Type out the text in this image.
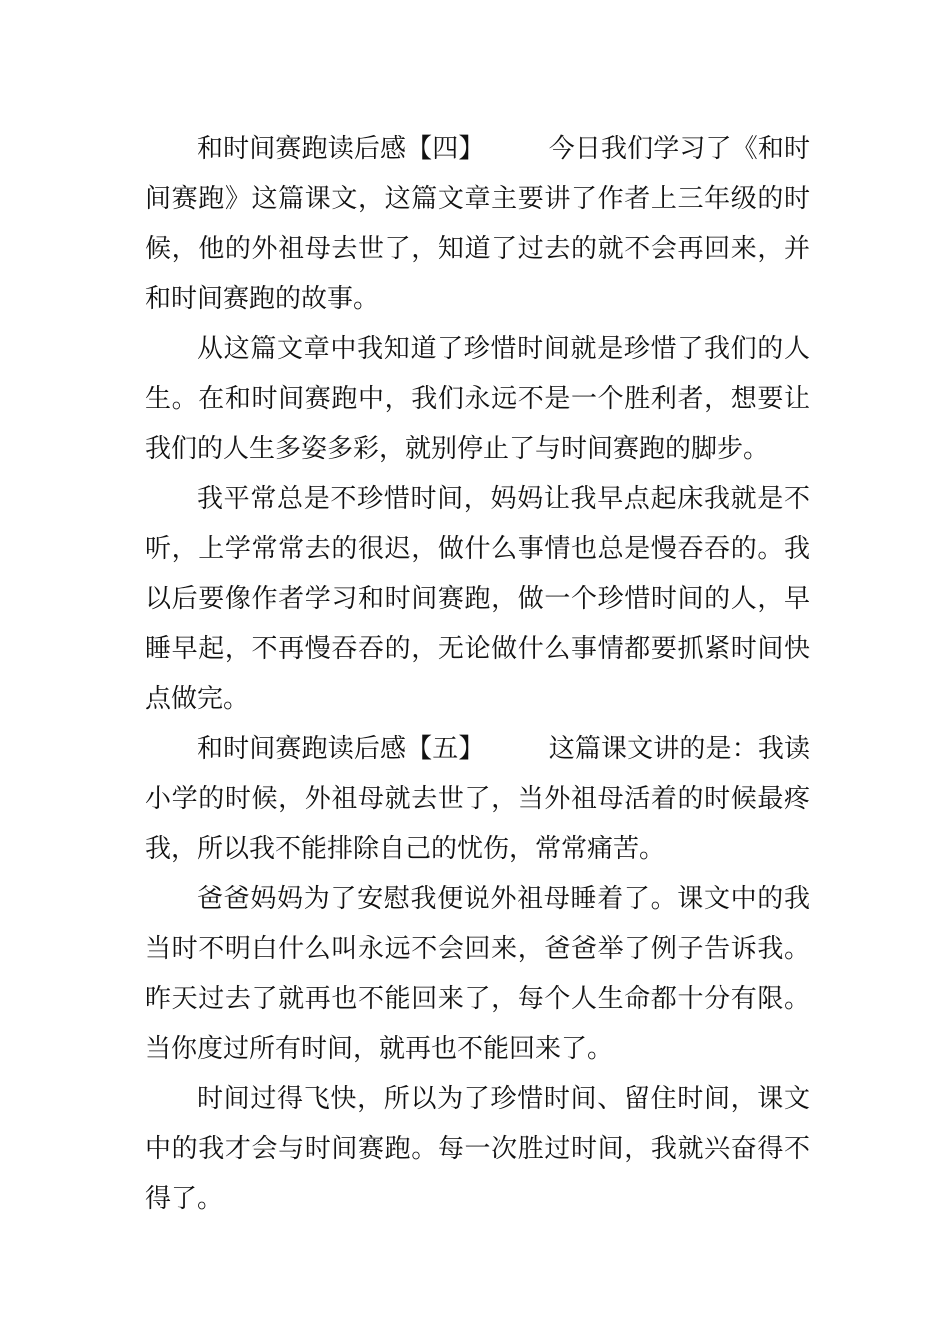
和时间赛跑读后感【四】 今日我们学习了《和时间赛跑》这篇课文，这篇文章主要讲了作者上三年级的时候，他的外祖母去世了，知道了过去的就不会再回来，并和时间赛跑的故事。

从这篇文章中我知道了珍惜时间就是珍惜了我们的人生。在和时间赛跑中，我们永远不是一个胜利者，想要让我们的人生多姿多彩，就别停止了与时间赛跑的脚步。

我平常总是不珍惜时间，妈妈让我早点起床我就是不听，上学常常去的很迟，做什么事情也总是慢吞吞的。我以后要像作者学习和时间赛跑，做一个珍惜时间的人，早睡早起，不再慢吞吞的，无论做什么事情都要抓紧时间快点做完。

和时间赛跑读后感【五】 这篇课文讲的是：我读小学的时候，外祖母就去世了，当外祖母活着的时候最疼我，所以我不能排除自己的忧伤，常常痛苦。

爸爸妈妈为了安慰我便说外祖母睡着了。课文中的我当时不明白什么叫永远不会回来，爸爸举了例子告诉我。昨天过去了就再也不能回来了，每个人生命都十分有限。当你度过所有时间，就再也不能回来了。

时间过得飞快，所以为了珍惜时间、留住时间，课文中的我才会与时间赛跑。每一次胜过时间，我就兴奋得不得了。
